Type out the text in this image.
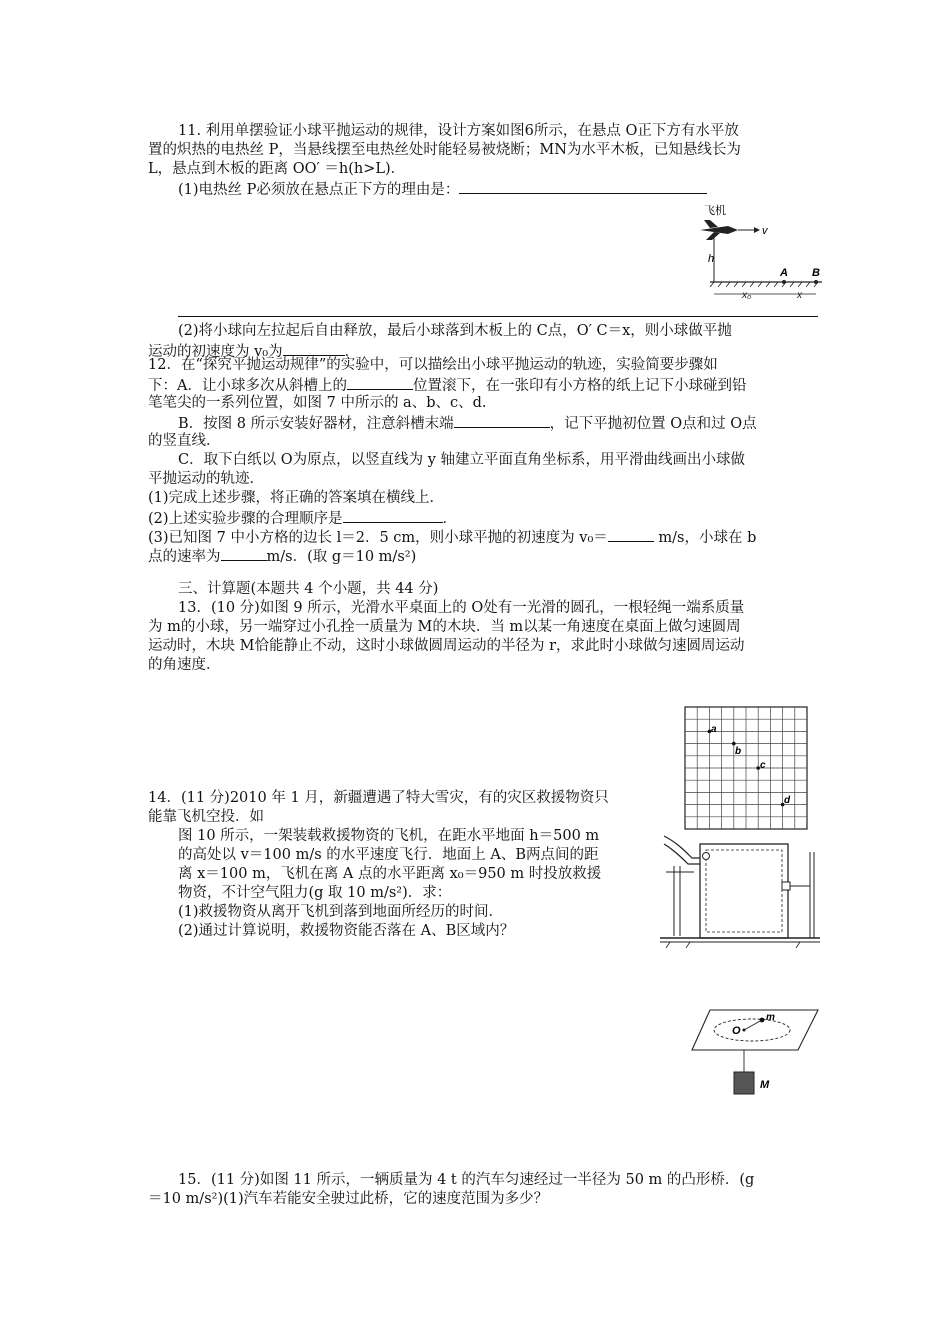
11. 利用单摆验证小球平抛运动的规律，设计方案如图6所示，在悬点 O正下方有水平放
置的炽热的电热丝 P，当悬线摆至电热丝处时能轻易被烧断；MN为水平木板，已知悬线长为
L，悬点到木板的距离 OO′ ＝h(h>L)．
(1)电热丝 P必须放在悬点正下方的理由是：
飞机
v
h
A B
x₀	x
(2)将小球向左拉起后自由释放，最后小球落到木板上的 C点，O′ C＝x，则小球做平抛
运动的初速度为 v₀为	．
12．在“探究平抛运动规律”的实验中，可以描绘出小球平抛运动的轨迹，实验简要步骤如
下：A．让小球多次从斜槽上的	位置滚下，在一张印有小方格的纸上记下小球碰到铅
笔笔尖的一系列位置，如图 7 中所示的 a、b、c、d.
B．按图 8 所示安装好器材，注意斜槽末端	，记下平抛初位置 O点和过 O点
的竖直线．
C．取下白纸以 O为原点，以竖直线为 y 轴建立平面直角坐标系，用平滑曲线画出小球做
平抛运动的轨迹．
(1)完成上述步骤，将正确的答案填在横线上．
(2)上述实验步骤的合理顺序是	．
(3)已知图 7 中小方格的边长 l＝2．5 cm，则小球平抛的初速度为 v₀＝	m/s，小球在 b
点的速率为	m/s．(取 g＝10 m/s²)
三、计算题(本题共 4 个小题，共 44 分)
13．(10 分)如图 9 所示，光滑水平桌面上的 O处有一光滑的圆孔，一根轻绳一端系质量
为 m的小球，另一端穿过小孔拴一质量为 M的木块．当 m以某一角速度在桌面上做匀速圆周
运动时，木块 M恰能静止不动，这时小球做圆周运动的半径为 r，求此时小球做匀速圆周运动
的角速度．
a
b
c
d
14．(11 分)2010 年 1 月，新疆遭遇了特大雪灾，有的灾区救援物资只
能靠飞机空投．如
图 10 所示，一架装载救援物资的飞机，在距水平地面 h＝500 m
的高处以 v＝100 m/s 的水平速度飞行．地面上 A、B两点间的距
离 x＝100 m，飞机在离 A 点的水平距离 x₀＝950 m 时投放救援
物资，不计空气阻力(g 取 10 m/s²)．求：
(1)救援物资从离开飞机到落到地面所经历的时间．
(2)通过计算说明，救援物资能否落在 A、B区域内？
O
m
M
15．(11 分)如图 11 所示，一辆质量为 4 t 的汽车匀速经过一半径为 50 m 的凸形桥．(g
＝10 m/s²)(1)汽车若能安全驶过此桥，它的速度范围为多少？
